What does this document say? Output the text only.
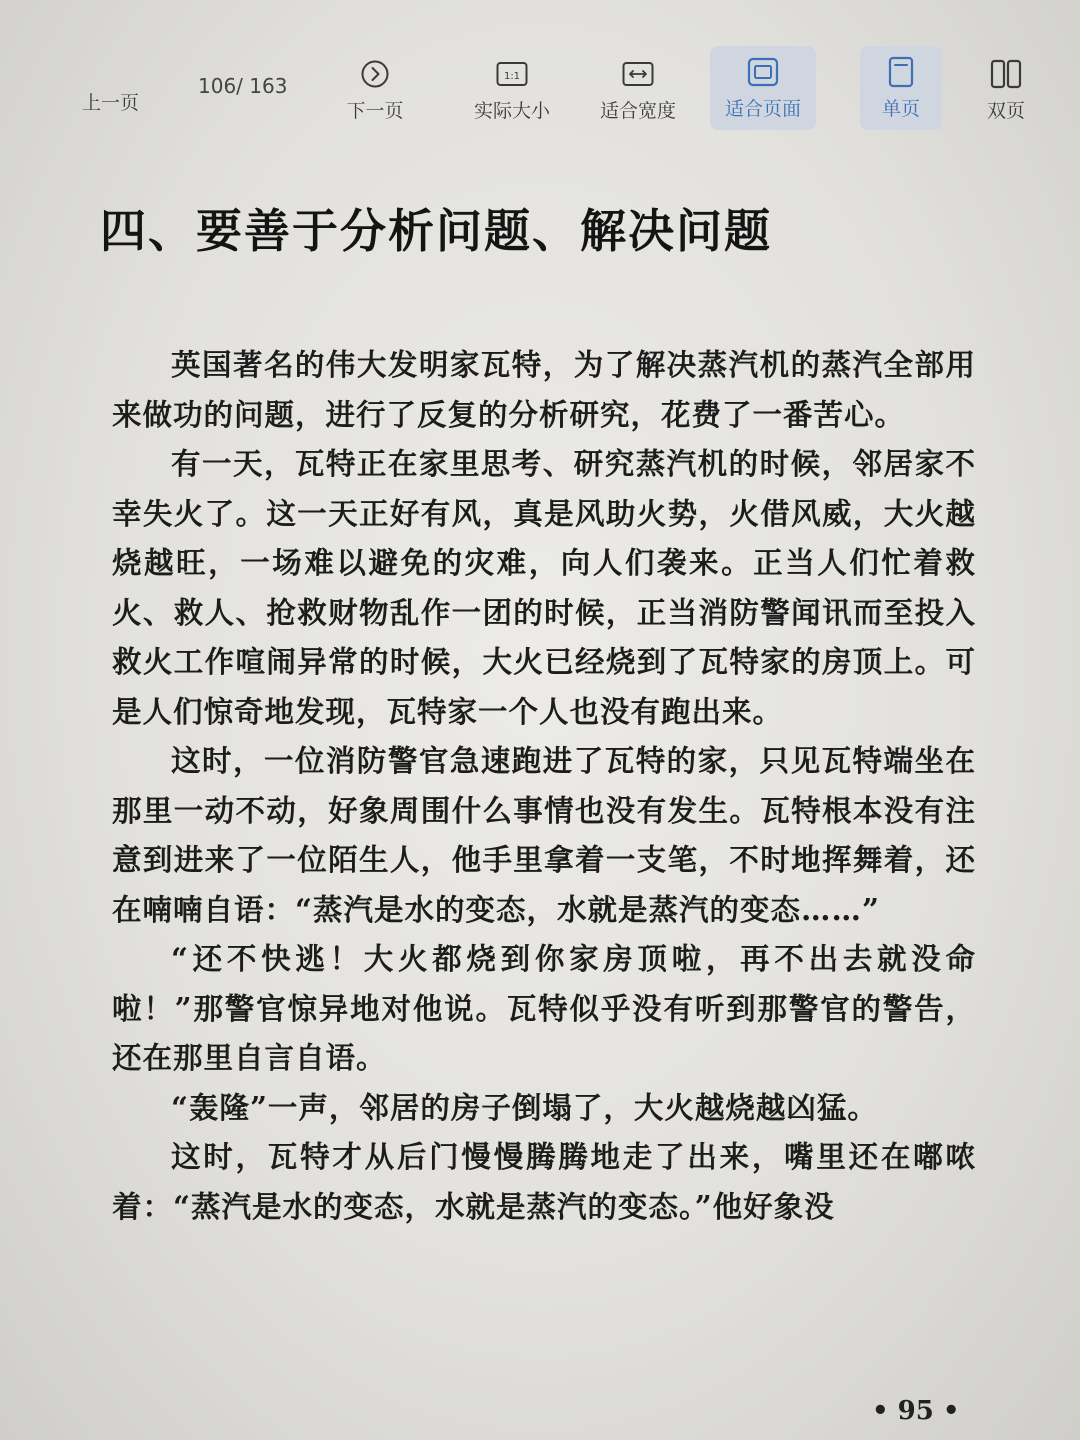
上一页
106/ 163
下一页
1:1
实际大小	适合宽度	适合页面	单页	双页
四、要善于分析问题、解决问题

英国著名的伟大发明家瓦特，为了解决蒸汽机的蒸汽全部用来做功的问题，进行了反复的分析研究，花费了一番苦心。

有一天，瓦特正在家里思考、研究蒸汽机的时候，邻居家不幸失火了。这一天正好有风，真是风助火势，火借风威，大火越烧越旺，一场难以避免的灾难，向人们袭来。正当人们忙着救火、救人、抢救财物乱作一团的时候，正当消防警闻讯而至投入救火工作喧闹异常的时候，大火已经烧到了瓦特家的房顶上。可是人们惊奇地发现，瓦特家一个人也没有跑出来。

这时，一位消防警官急速跑进了瓦特的家，只见瓦特端坐在那里一动不动，好象周围什么事情也没有发生。瓦特根本没有注意到进来了一位陌生人，他手里拿着一支笔，不时地挥舞着，还在喃喃自语：“蒸汽是水的变态，水就是蒸汽的变态……”

“还不快逃！大火都烧到你家房顶啦，再不出去就没命啦！”那警官惊异地对他说。瓦特似乎没有听到那警官的警告，还在那里自言自语。

“轰隆”一声，邻居的房子倒塌了，大火越烧越凶猛。

这时，瓦特才从后门慢慢腾腾地走了出来，嘴里还在嘟哝着：“蒸汽是水的变态，水就是蒸汽的变态。”他好象没

• 95 •
